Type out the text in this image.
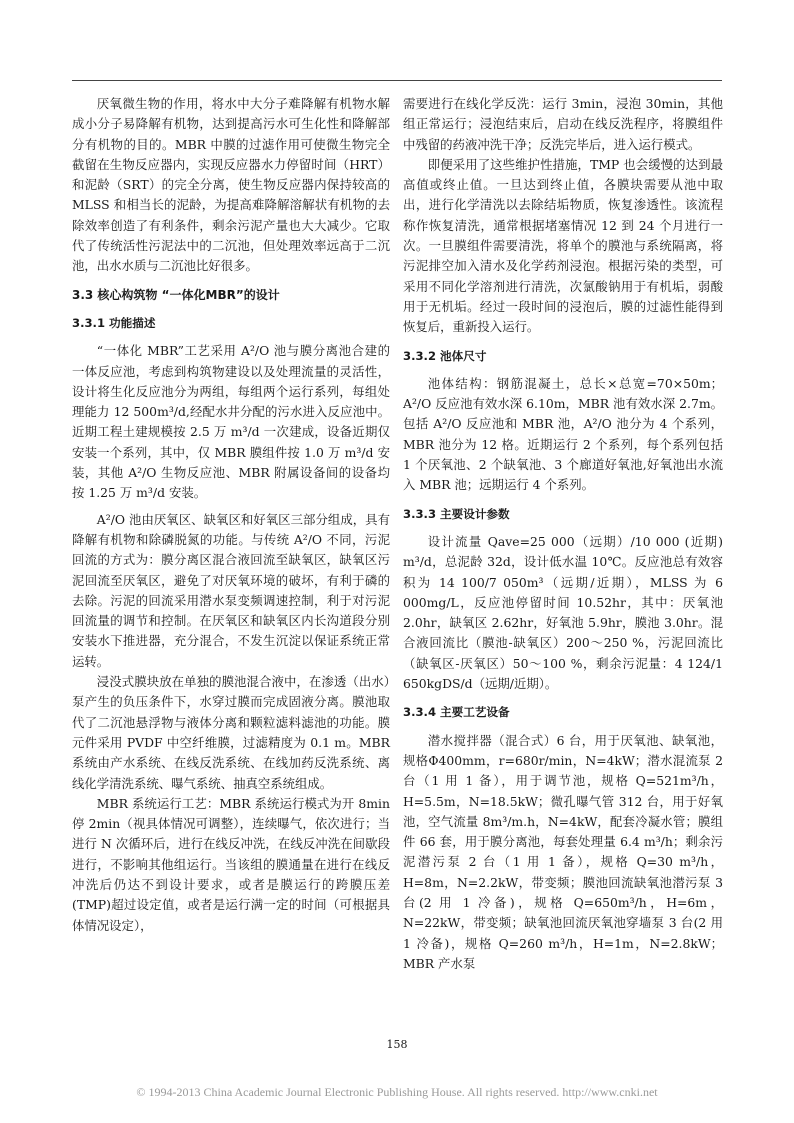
厌氧微生物的作用，将水中大分子难降解有机物水解成小分子易降解有机物，达到提高污水可生化性和降解部分有机物的目的。MBR 中膜的过滤作用可使微生物完全截留在生物反应器内，实现反应器水力停留时间（HRT）和泥龄（SRT）的完全分离，使生物反应器内保持较高的 MLSS 和相当长的泥龄，为提高难降解溶解状有机物的去除效率创造了有利条件，剩余污泥产量也大大减少。它取代了传统活性污泥法中的二沉池，但处理效率远高于二沉池，出水水质与二沉池比好很多。

3.3 核心构筑物 “一体化MBR”的设计
3.3.1 功能描述

“一体化 MBR”工艺采用 A²/O 池与膜分离池合建的一体反应池，考虑到构筑物建设以及处理流量的灵活性，设计将生化反应池分为两组，每组两个运行系列，每组处理能力 12 500m³/d,经配水井分配的污水进入反应池中。近期工程土建规模按 2.5 万 m³/d 一次建成，设备近期仅安装一个系列，其中，仅 MBR 膜组件按 1.0 万 m³/d 安装，其他 A²/O 生物反应池、MBR 附属设备间的设备均按 1.25 万 m³/d 安装。

A²/O 池由厌氧区、缺氧区和好氧区三部分组成，具有降解有机物和除磷脱氮的功能。与传统 A²/O 不同，污泥回流的方式为：膜分离区混合液回流至缺氧区，缺氧区污泥回流至厌氧区，避免了对厌氧环境的破坏，有利于磷的去除。污泥的回流采用潜水泵变频调速控制，利于对污泥回流量的调节和控制。在厌氧区和缺氧区内长沟道段分别安装水下推进器，充分混合，不发生沉淀以保证系统正常运转。

浸没式膜块放在单独的膜池混合液中，在渗透（出水）泵产生的负压条件下，水穿过膜而完成固液分离。膜池取代了二沉池悬浮物与液体分离和颗粒滤料滤池的功能。膜元件采用 PVDF 中空纤维膜，过滤精度为 0.1 m。MBR 系统由产水系统、在线反洗系统、在线加药反洗系统、离线化学清洗系统、曝气系统、抽真空系统组成。

MBR 系统运行工艺：MBR 系统运行模式为开 8min 停 2min（视具体情况可调整），连续曝气，依次进行；当进行 N 次循环后，进行在线反冲洗，在线反冲洗在间歇段进行，不影响其他组运行。当该组的膜通量在进行在线反冲洗后仍达不到设计要求，或者是膜运行的跨膜压差(TMP)超过设定值，或者是运行满一定的时间（可根据具体情况设定），

需要进行在线化学反洗：运行 3min，浸泡 30min，其他组正常运行；浸泡结束后，启动在线反洗程序，将膜组件中残留的药液冲洗干净；反洗完毕后，进入运行模式。

即便采用了这些维护性措施，TMP 也会缓慢的达到最高值或终止值。一旦达到终止值，各膜块需要从池中取出，进行化学清洗以去除结垢物质，恢复渗透性。该流程称作恢复清洗，通常根据堵塞情况 12 到 24 个月进行一次。一旦膜组件需要清洗，将单个的膜池与系统隔离，将污泥排空加入清水及化学药剂浸泡。根据污染的类型，可采用不同化学溶剂进行清洗，次氯酸钠用于有机垢，弱酸用于无机垢。经过一段时间的浸泡后，膜的过滤性能得到恢复后，重新投入运行。

3.3.2 池体尺寸

池体结构：钢筋混凝土，总长×总宽=70×50m；A²/O 反应池有效水深 6.10m，MBR 池有效水深 2.7m。包括 A²/O 反应池和 MBR 池，A²/O 池分为 4 个系列，MBR 池分为 12 格。近期运行 2 个系列，每个系列包括 1 个厌氧池、2 个缺氧池、3 个廊道好氧池,好氧池出水流入 MBR 池；远期运行 4 个系列。

3.3.3 主要设计参数

设计流量 Qave=25 000（远期）/10 000 (近期) m³/d，总泥龄 32d，设计低水温 10℃。反应池总有效容积为 14 100/7 050m³（远期/近期），MLSS 为 6 000mg/L，反应池停留时间 10.52hr，其中：厌氧池 2.0hr，缺氧区 2.62hr，好氧池 5.9hr，膜池 3.0hr。混合液回流比（膜池-缺氧区）200～250 %，污泥回流比（缺氧区-厌氧区）50～100 %，剩余污泥量：4 124/1 650kgDS/d（远期/近期）。

3.3.4 主要工艺设备

潜水搅拌器（混合式）6 台，用于厌氧池、缺氧池，规格Φ400mm，r=680r/min，N=4kW；潜水混流泵 2 台（1 用 1 备），用于调节池，规格 Q=521m³/h，H=5.5m，N=18.5kW；微孔曝气管 312 台，用于好氧池，空气流量 8m³/m.h，N=4kW，配套冷凝水管；膜组件 66 套，用于膜分离池，每套处理量 6.4 m³/h；剩余污泥潜污泵 2 台（1 用 1 备），规格 Q=30 m³/h，H=8m，N=2.2kW，带变频；膜池回流缺氧池潜污泵 3 台(2 用 1 冷备)，规格 Q=650m³/h，H=6m，N=22kW，带变频；缺氧池回流厌氧池穿墙泵 3 台(2 用 1 冷备)，规格 Q=260 m³/h，H=1m，N=2.8kW；MBR 产水泵

158
© 1994-2013 China Academic Journal Electronic Publishing House. All rights reserved. http://www.cnki.net
